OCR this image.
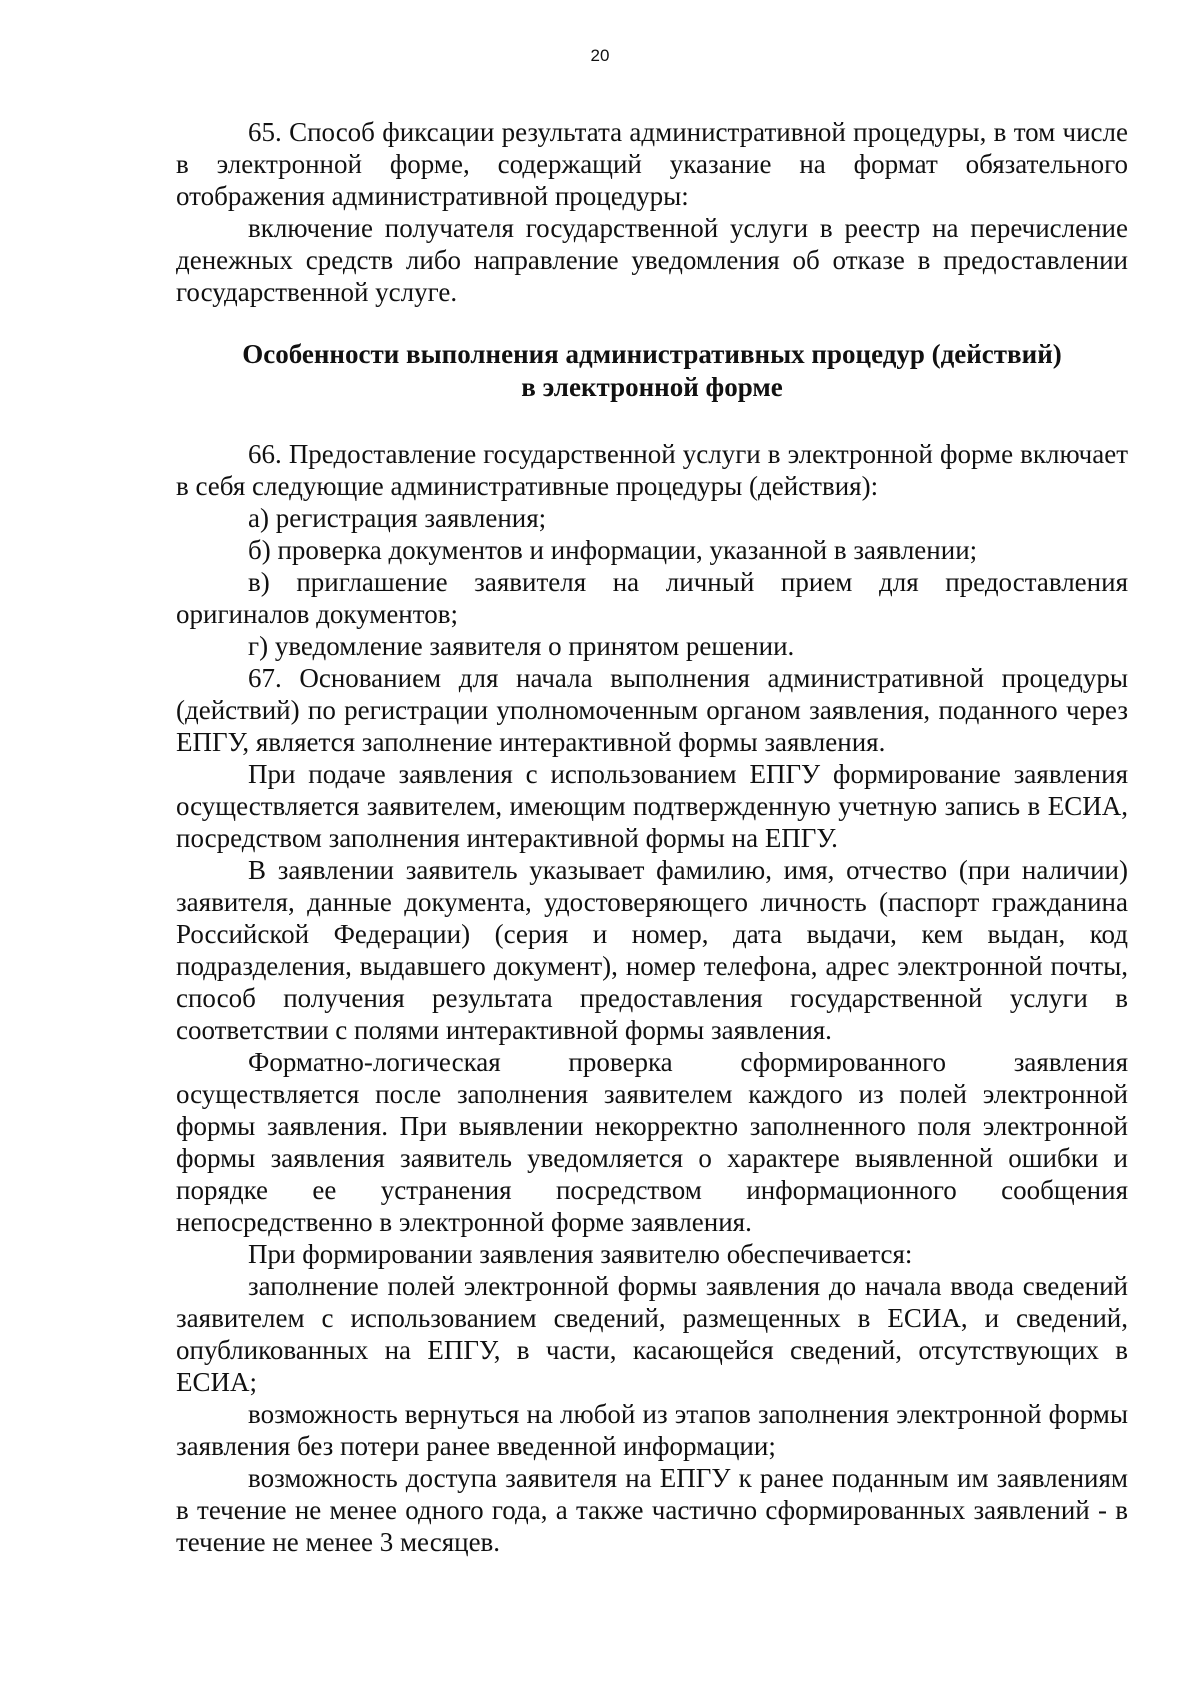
20

65. Способ фиксации результата административной процедуры, в том числе в электронной форме, содержащий указание на формат обязательного отображения административной процедуры:

включение получателя государственной услуги в реестр на перечисление денежных средств либо направление уведомления об отказе в предоставлении государственной услуге.

Особенности выполнения административных процедур (действий)
в электронной форме

66. Предоставление государственной услуги в электронной форме включает в себя следующие административные процедуры (действия):

а) регистрация заявления;

б) проверка документов и информации, указанной в заявлении;

в) приглашение заявителя на личный прием для предоставления оригиналов документов;

г) уведомление заявителя о принятом решении.

67. Основанием для начала выполнения административной процедуры (действий) по регистрации уполномоченным органом заявления, поданного через ЕПГУ, является заполнение интерактивной формы заявления.

При подаче заявления с использованием ЕПГУ формирование заявления осуществляется заявителем, имеющим подтвержденную учетную запись в ЕСИА, посредством заполнения интерактивной формы на ЕПГУ.

В заявлении заявитель указывает фамилию, имя, отчество (при наличии) заявителя, данные документа, удостоверяющего личность (паспорт гражданина Российской Федерации) (серия и номер, дата выдачи, кем выдан, код подразделения, выдавшего документ), номер телефона, адрес электронной почты, способ получения результата предоставления государственной услуги в соответствии с полями интерактивной формы заявления.

Форматно-логическая проверка сформированного заявления осуществляется после заполнения заявителем каждого из полей электронной формы заявления. При выявлении некорректно заполненного поля электронной формы заявления заявитель уведомляется о характере выявленной ошибки и порядке ее устранения посредством информационного сообщения непосредственно в электронной форме заявления.

При формировании заявления заявителю обеспечивается:

заполнение полей электронной формы заявления до начала ввода сведений заявителем с использованием сведений, размещенных в ЕСИА, и сведений, опубликованных на ЕПГУ, в части, касающейся сведений, отсутствующих в ЕСИА;

возможность вернуться на любой из этапов заполнения электронной формы заявления без потери ранее введенной информации;

возможность доступа заявителя на ЕПГУ к ранее поданным им заявлениям в течение не менее одного года, а также частично сформированных заявлений - в течение не менее 3 месяцев.
